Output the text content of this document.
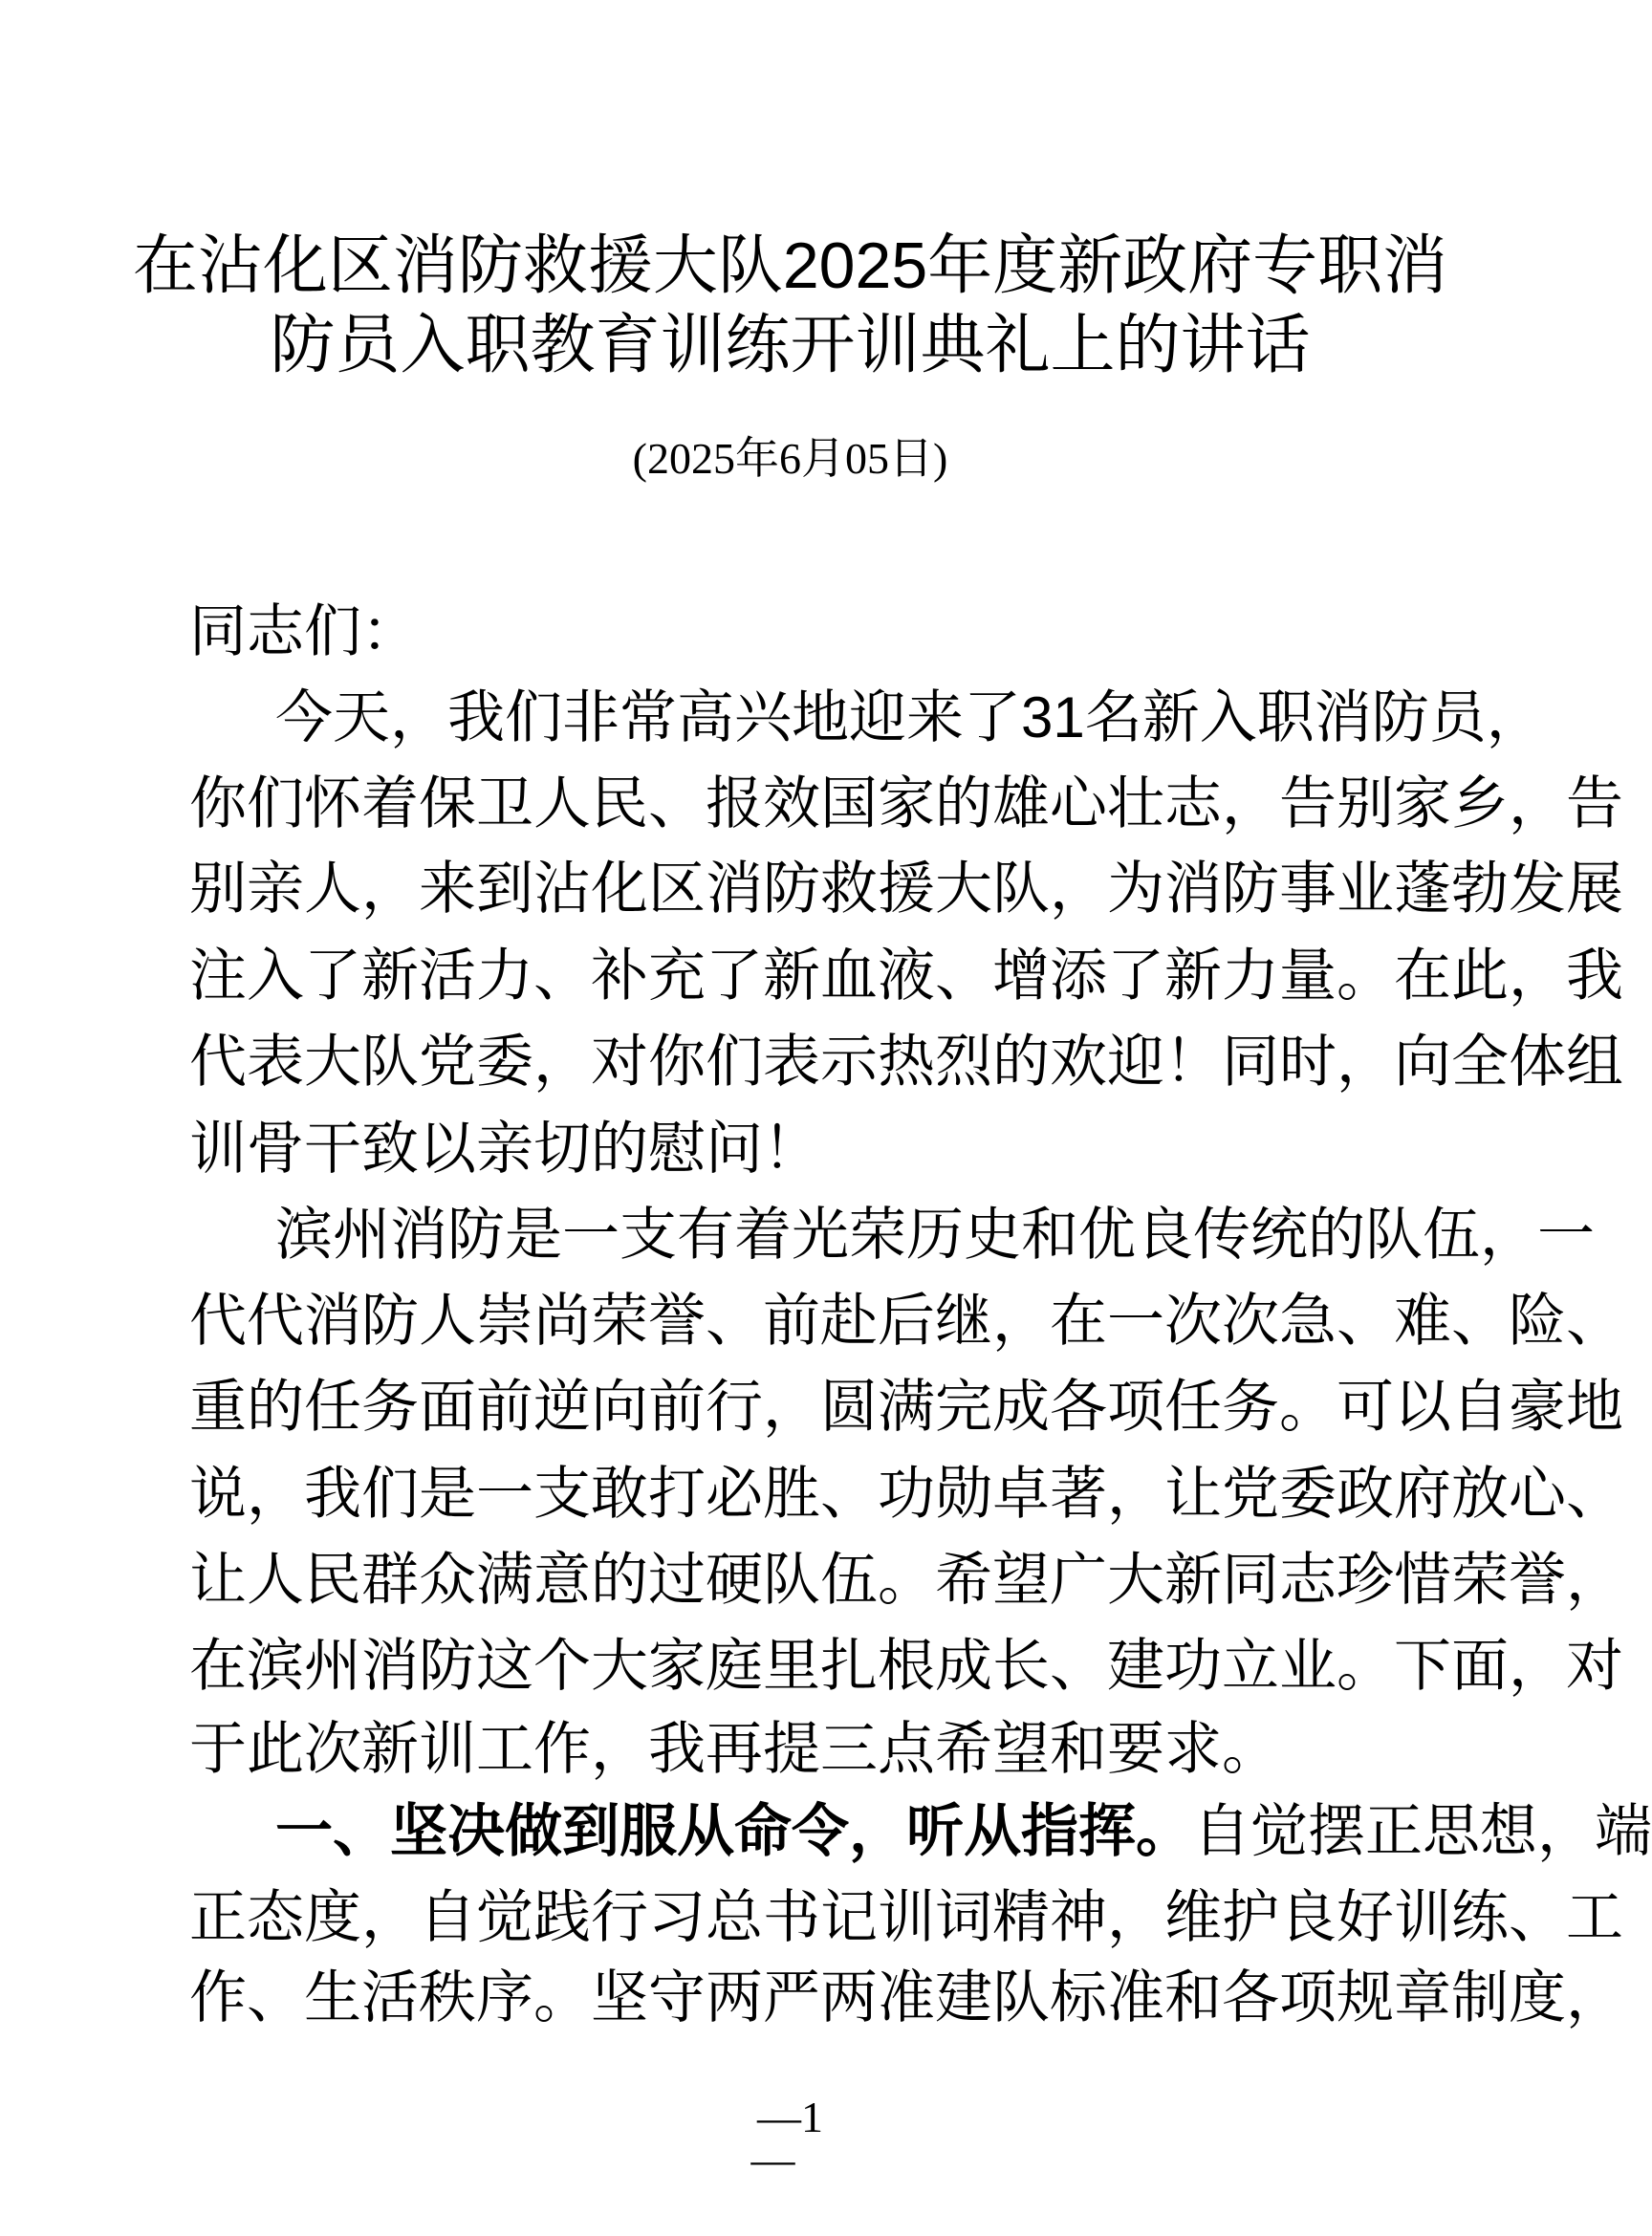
在沾化区消防救援大队2025年度新政府专职消
防员入职教育训练开训典礼上的讲话
(2025年6月05日)
同志们：
今天，我们非常高兴地迎来了31名新入职消防员，
你们怀着保卫人民、报效国家的雄心壮志，告别家乡，告
别亲人，来到沾化区消防救援大队，为消防事业蓬勃发展
注入了新活力、补充了新血液、增添了新力量。在此，我
代表大队党委，对你们表示热烈的欢迎！同时，向全体组
训骨干致以亲切的慰问！
滨州消防是一支有着光荣历史和优良传统的队伍，一
代代消防人崇尚荣誉、前赴后继，在一次次急、难、险、
重的任务面前逆向前行，圆满完成各项任务。可以自豪地
说，我们是一支敢打必胜、功勋卓著，让党委政府放心、
让人民群众满意的过硬队伍。希望广大新同志珍惜荣誉，
在滨州消防这个大家庭里扎根成长、建功立业。下面，对
于此次新训工作，我再提三点希望和要求。
一、坚决做到服从命令，听从指挥。自觉摆正思想，端
正态度，自觉践行习总书记训词精神，维护良好训练、工
作、生活秩序。坚守两严两准建队标准和各项规章制度，
—1
—
